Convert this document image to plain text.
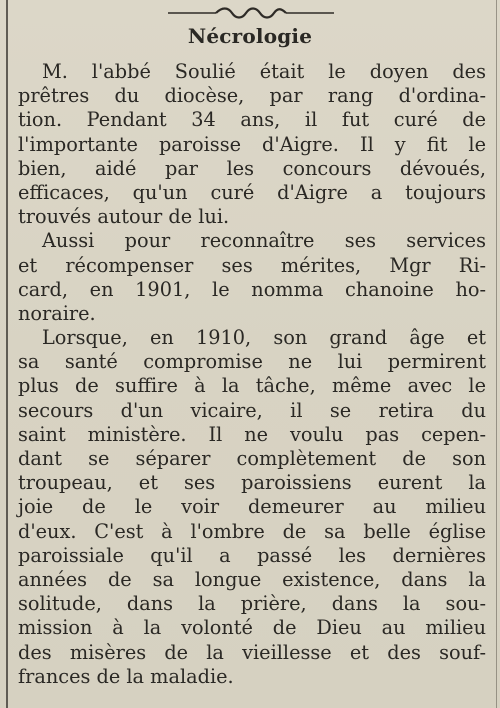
Nécrologie
M. l'abbé Soulié était le doyen des
prêtres du diocèse, par rang d'ordina-
tion. Pendant 34 ans, il fut curé de
l'importante paroisse d'Aigre. Il y fit le
bien, aidé par les concours dévoués,
efficaces, qu'un curé d'Aigre a toujours
trouvés autour de lui.
Aussi pour reconnaître ses services
et récompenser ses mérites, Mgr Ri-
card, en 1901, le nomma chanoine ho-
noraire.
Lorsque, en 1910, son grand âge et
sa santé compromise ne lui permirent
plus de suffire à la tâche, même avec le
secours d'un vicaire, il se retira du
saint ministère. Il ne voulu pas cepen-
dant se séparer complètement de son
troupeau, et ses paroissiens eurent la
joie de le voir demeurer au milieu
d'eux. C'est à l'ombre de sa belle église
paroissiale qu'il a passé les dernières
années de sa longue existence, dans la
solitude, dans la prière, dans la sou-
mission à la volonté de Dieu au milieu
des misères de la vieillesse et des souf-
frances de la maladie.
